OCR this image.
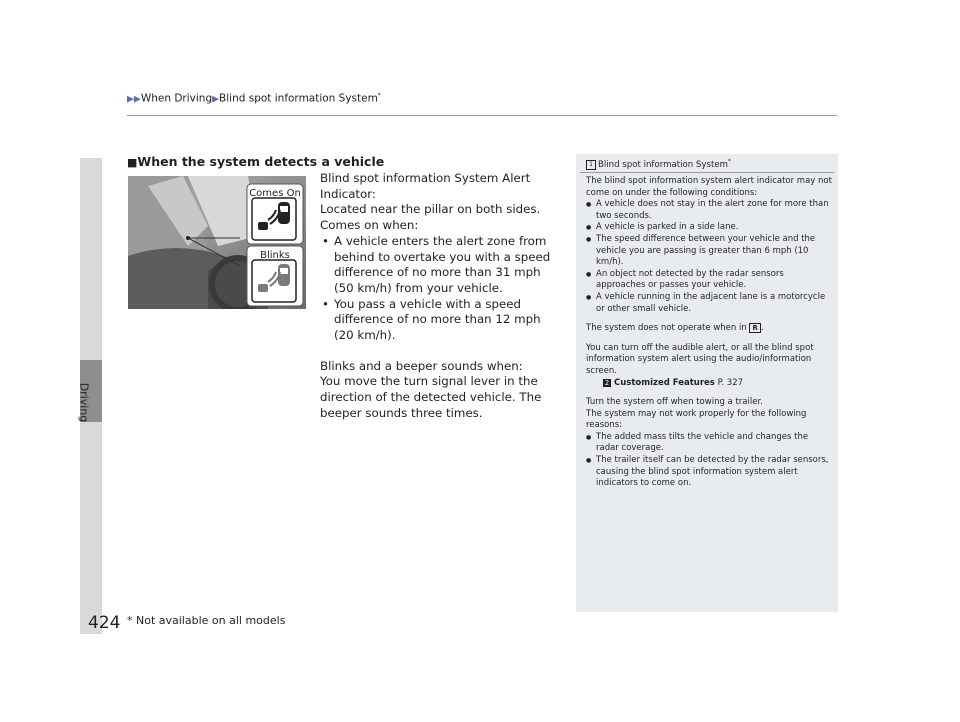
▶▶When Driving▶Blind spot information System*
Driving
■When the system detects a vehicle
Comes On
Blinks

Blind spot information System Alert Indicator:

Located near the pillar on both sides.

Comes on when:

• A vehicle enters the alert zone from behind to overtake you with a speed difference of no more than 31 mph (50 km/h) from your vehicle.
• You pass a vehicle with a speed difference of no more than 12 mph (20 km/h).

Blinks and a beeper sounds when:

You move the turn signal lever in the direction of the detected vehicle. The beeper sounds three times.

1 Blind spot information System*

The blind spot information system alert indicator may not come on under the following conditions:

● A vehicle does not stay in the alert zone for more than two seconds.
● A vehicle is parked in a side lane.
● The speed difference between your vehicle and the vehicle you are passing is greater than 6 mph (10 km/h).
● An object not detected by the radar sensors approaches or passes your vehicle.
● A vehicle running in the adjacent lane is a motorcycle or other small vehicle.

The system does not operate when in R .

You can turn off the audible alert, or all the blind spot information system alert using the audio/information screen.

2 Customized Features P. 327

Turn the system off when towing a trailer.

The system may not work properly for the following reasons:

● The added mass tilts the vehicle and changes the radar coverage.
● The trailer itself can be detected by the radar sensors, causing the blind spot information system alert indicators to come on.
424 * Not available on all models
